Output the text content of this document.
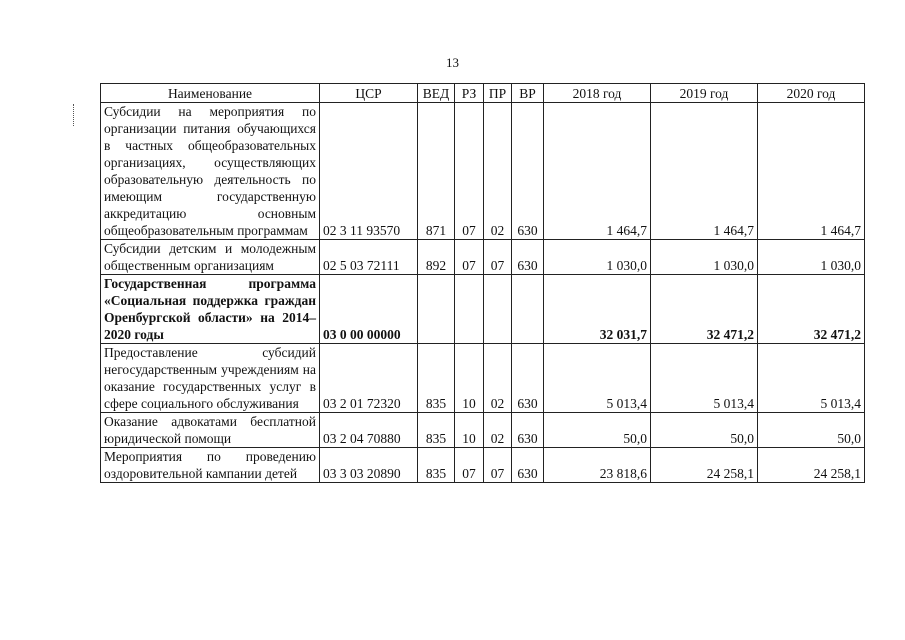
13
Наименование	ЦСР	ВЕД	РЗ	ПР	ВР	2018 год	2019 год	2020 год
Субсидии на мероприятия по организации питания обучающихся в частных общеобразовательных организациях, осуществляющих образовательную деятельность по имеющим государственную аккредитацию основным общеобразовательным программам	02 3 11 93570	871	07	02	630	1 464,7	1 464,7	1 464,7
Субсидии детским и молодежным общественным организациям	02 5 03 72111	892	07	07	630	1 030,0	1 030,0	1 030,0
Государственная программа «Социальная поддержка граждан Оренбургской области» на 2014–2020 годы	03 0 00 00000					32 031,7	32 471,2	32 471,2
Предоставление субсидий негосударственным учреждениям на оказание государственных услуг в сфере социального обслуживания	03 2 01 72320	835	10	02	630	5 013,4	5 013,4	5 013,4
Оказание адвокатами бесплатной юридической помощи	03 2 04 70880	835	10	02	630	50,0	50,0	50,0
Мероприятия по проведению оздоровительной кампании детей	03 3 03 20890	835	07	07	630	23 818,6	24 258,1	24 258,1
